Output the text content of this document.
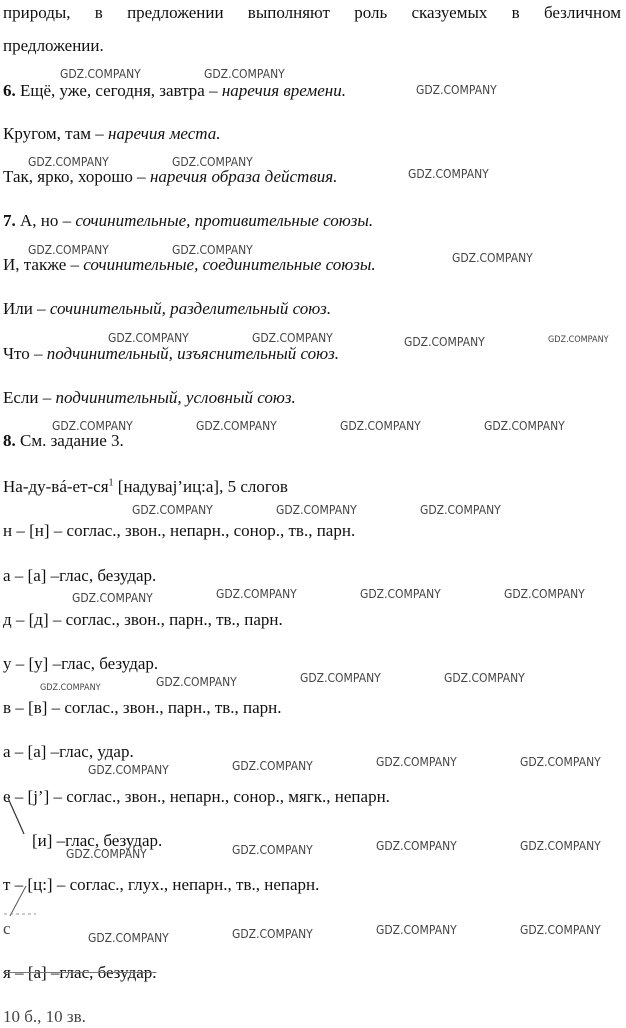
природы, в предложении выполняют роль сказуемых в безличном
предложении.
6. Ещё, уже, сегодня, завтра – наречия времени.
Кругом, там – наречия места.
Так, ярко, хорошо – наречия образа действия.
7. А, но – сочинительные, противительные союзы.
И, также – сочинительные, соединительные союзы.
Или – сочинительный, разделительный союз.
Что – подчинительный, изъяснительный союз.
Если – подчинительный, условный союз.
8. См. задание 3.
$На-ду-вá-ет-ся^1$ [надуваj’иц:а], 5 слогов
н – [н] – соглас., звон., непарн., сонор., тв., парн.
а – [а] –глас, безудар.
д – [д] – соглас., звон., парн., тв., парн.
у – [у] –глас, безудар.
в – [в] – соглас., звон., парн., тв., парн.
а – [а] –глас, удар.
е – [j’] – соглас., звон., непарн., сонор., мягк., непарн.
[и] –глас, безудар.
т – [ц:] – соглас., глух., непарн., тв., непарн.
с
я – [а] –глас, безудар.
10 б., 10 зв.
GDZ.COMPANY	GDZ.COMPANY
GDZ.COMPANY
GDZ.COMPANY	GDZ.COMPANY
GDZ.COMPANY
GDZ.COMPANY	GDZ.COMPANY
GDZ.COMPANY
GDZ.COMPANY	GDZ.COMPANY	GDZ.COMPANY	GDZ.COMPANY
GDZ.COMPANY	GDZ.COMPANY	GDZ.COMPANY	GDZ.COMPANY
GDZ.COMPANY	GDZ.COMPANY	GDZ.COMPANY
GDZ.COMPANY	GDZ.COMPANY	GDZ.COMPANY	GDZ.COMPANY
GDZ.COMPANY	GDZ.COMPANY	GDZ.COMPANY	GDZ.COMPANY
GDZ.COMPANY	GDZ.COMPANY	GDZ.COMPANY	GDZ.COMPANY
GDZ.COMPANY	GDZ.COMPANY	GDZ.COMPANY	GDZ.COMPANY
GDZ.COMPANY	GDZ.COMPANY	GDZ.COMPANY	GDZ.COMPANY
